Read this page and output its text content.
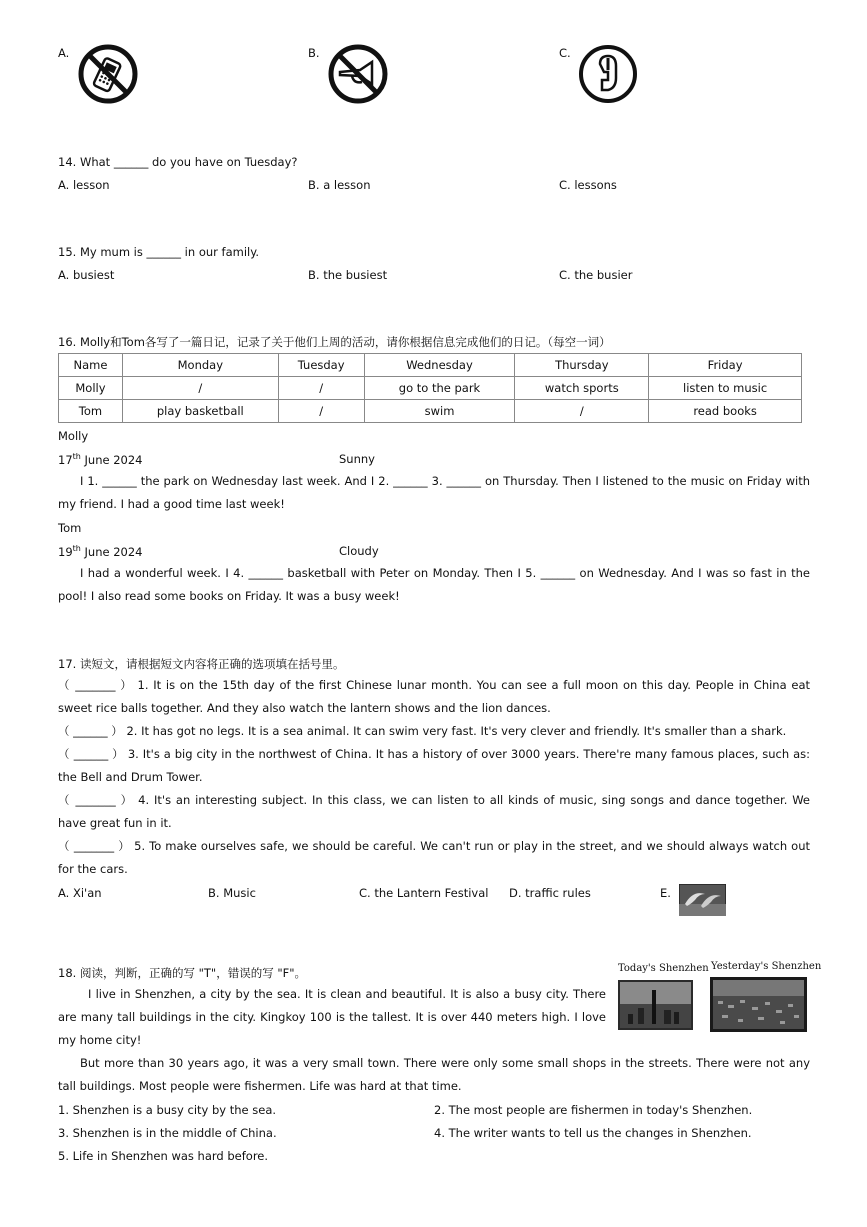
A.	B.	C.
14. What ______ do you have on Tuesday?
A. lesson	B. a lesson	C. lessons
15. My mum is ______ in our family.
A. busiest	B. the busiest	C. the busier
16. Molly和Tom各写了一篇日记，记录了关于他们上周的活动，请你根据信息完成他们的日记。（每空一词）
Name	Monday	Tuesday	Wednesday	Thursday	Friday
Molly	/	/	go to the park	watch sports	listen to music
Tom	play basketball	/	swim	/	read books
Molly
17th June 2024	Sunny
I 1. ______ the park on Wednesday last week. And I 2. ______ 3. ______ on Thursday. Then I listened to the music on Friday with my friend. I had a good time last week!
Tom
19th June 2024	Cloudy
I had a wonderful week. I 4. ______ basketball with Peter on Monday. Then I 5. ______ on Wednesday. And I was so fast in the pool! I also read some books on Friday. It was a busy week!
17. 读短文，请根据短文内容将正确的选项填在括号里。
（ _______ ） 1. It is on the 15th day of the first Chinese lunar month. You can see a full moon on this day. People in China eat sweet rice balls together. And they also watch the lantern shows and the lion dances.
（ ______ ） 2. It has got no legs. It is a sea animal. It can swim very fast. It's very clever and friendly. It's smaller than a shark.
（ ______ ） 3. It's a big city in the northwest of China. It has a history of over 3000 years. There're many famous places, such as: the Bell and Drum Tower.
（ _______ ） 4. It's an interesting subject. In this class, we can listen to all kinds of music, sing songs and dance together. We have great fun in it.
（ _______ ） 5. To make ourselves safe, we should be careful. We can't run or play in the street, and we should always watch out for the cars.
A. Xi'an	B. Music	C. the Lantern Festival D. traffic rules	E.
18. 阅读，判断，正确的写 "T"，错误的写 "F"。	Today's Shenzhen Yesterday's Shenzhen
I live in Shenzhen, a city by the sea. It is clean and beautiful. It is also a busy city. There are many tall buildings in the city. Kingkoy 100 is the tallest. It is over 440 meters high. I love my home city!
But more than 30 years ago, it was a very small town. There were only some small shops in the streets. There were not any tall buildings. Most people were fishermen. Life was hard at that time.
1. Shenzhen is a busy city by the sea.	2. The most people are fishermen in today's Shenzhen.
3. Shenzhen is in the middle of China.	4. The writer wants to tell us the changes in Shenzhen.
5. Life in Shenzhen was hard before.
